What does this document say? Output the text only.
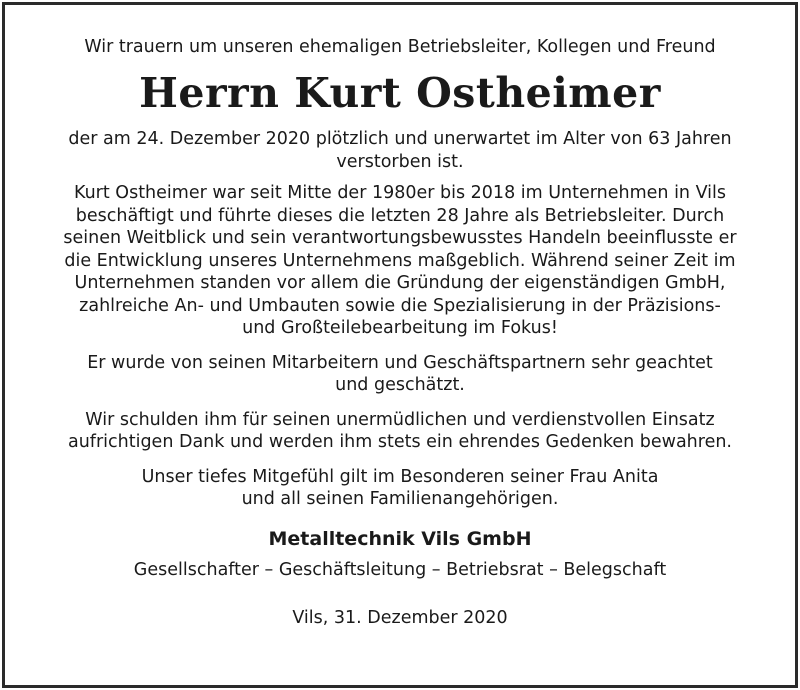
Wir trauern um unseren ehemaligen Betriebsleiter, Kollegen und Freund

Herrn Kurt Ostheimer

der am 24. Dezember 2020 plötzlich und unerwartet im Alter von 63 Jahren
verstorben ist.

Kurt Ostheimer war seit Mitte der 1980er bis 2018 im Unternehmen in Vils
beschäftigt und führte dieses die letzten 28 Jahre als Betriebsleiter. Durch
seinen Weitblick und sein verantwortungsbewusstes Handeln beeinflusste er
die Entwicklung unseres Unternehmens maßgeblich. Während seiner Zeit im
Unternehmen standen vor allem die Gründung der eigenständigen GmbH,
zahlreiche An- und Umbauten sowie die Spezialisierung in der Präzisions-
und Großteilebearbeitung im Fokus!

Er wurde von seinen Mitarbeitern und Geschäftspartnern sehr geachtet
und geschätzt.

Wir schulden ihm für seinen unermüdlichen und verdienstvollen Einsatz
aufrichtigen Dank und werden ihm stets ein ehrendes Gedenken bewahren.

Unser tiefes Mitgefühl gilt im Besonderen seiner Frau Anita
und all seinen Familienangehörigen.

Metalltechnik Vils GmbH

Gesellschafter – Geschäftsleitung – Betriebsrat – Belegschaft

Vils, 31. Dezember 2020
